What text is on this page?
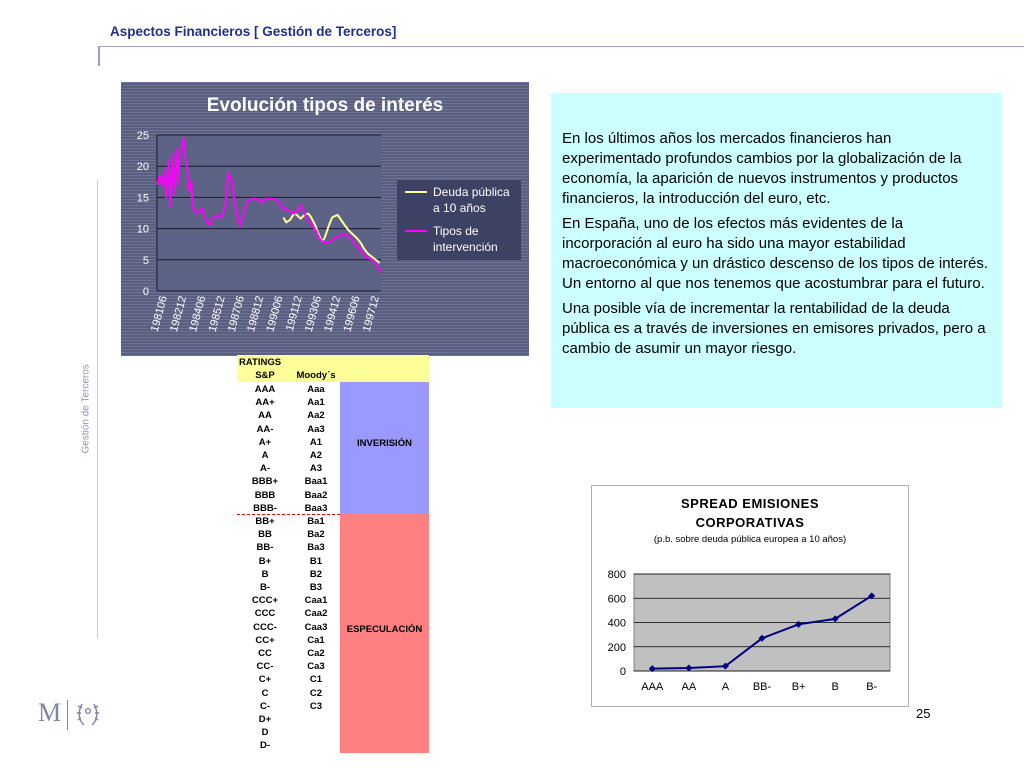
Aspectos Financieros [ Gestión de Terceros]
Gestión de Terceros
Evolución tipos de interés
0
5
10
15
20
25
198106
198212
198406
198512
198706
198812
199006
199112
199306
199412
199606
199712
Deuda pública
a 10 años
Tipos de
intervención

En los últimos años los mercados financieros han experimentado profundos cambios por la globalización de la economía, la aparición de nuevos instrumentos y productos financieros, la introducción del euro, etc.

En España, uno de los efectos más evidentes de la incorporación al euro ha sido una mayor estabilidad macroeconómica y un drástico descenso de los tipos de interés. Un entorno al que nos tenemos que acostumbrar para el futuro.

Una posible vía de incrementar la rentabilidad de la deuda pública es a través de inversiones en emisores privados, pero a cambio de asumir un mayor riesgo.

RATINGS
S&P	Moody´s
INVERISIÓN
ESPECULACIÓN
AAA
AA+
AA
AA-
A+
A
A-
BBB+
BBB
BBB-
BB+
BB
BB-
B+
B
B-
CCC+
CCC
CCC-
CC+
CC
CC-
C+
C
C-
D+
D
D-
Aaa
Aa1
Aa2
Aa3
A1
A2
A3
Baa1
Baa2
Baa3
Ba1
Ba2
Ba3
B1
B2
B3
Caa1
Caa2
Caa3
Ca1
Ca2
Ca3
C1
C2
C3
SPREAD EMISIONES
CORPORATIVAS
(p.b. sobre deuda pública europea a 10 años)
0
200
400
600
800
AAA AA A BB- B+ B B-
M	25
